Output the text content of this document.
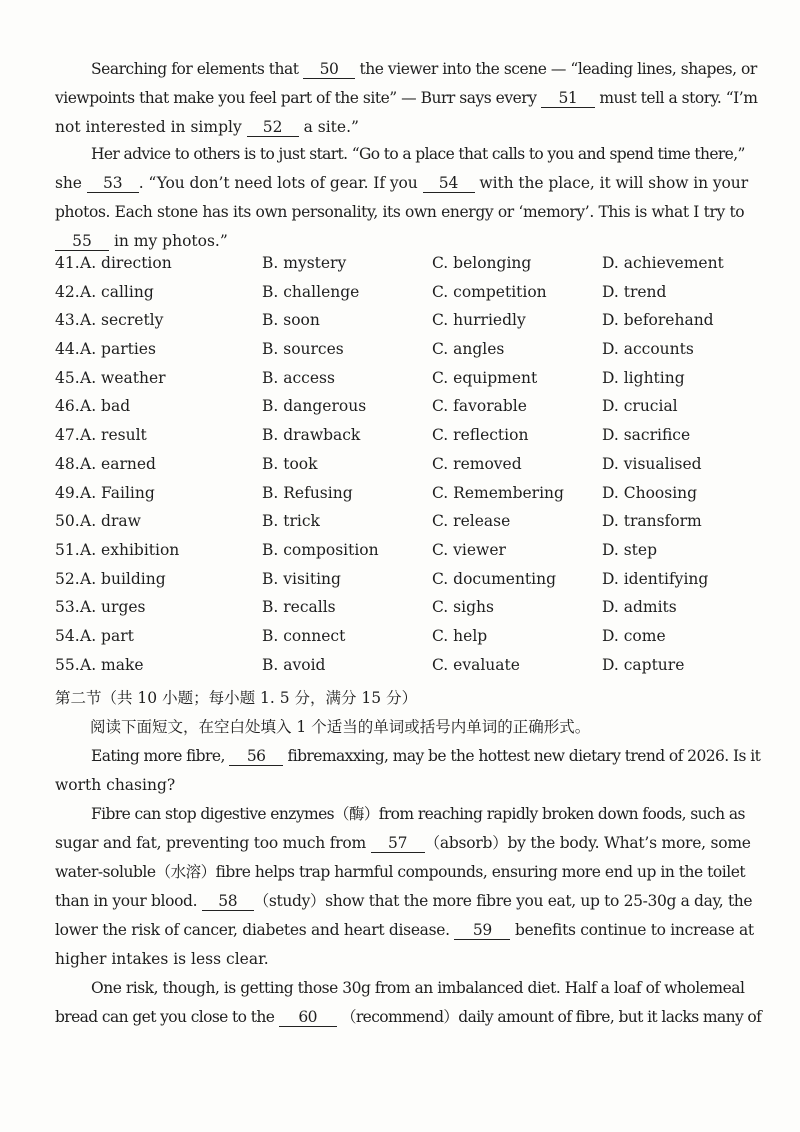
Searching for elements that 50 the viewer into the scene — “leading lines, shapes, or
viewpoints that make you feel part of the site” — Burr says every 51 must tell a story. “I’m
not interested in simply 52 a site.”

Her advice to others is to just start. “Go to a place that calls to you and spend time there,”
she 53 . “You don’t need lots of gear. If you 54 with the place, it will show in your
photos. Each stone has its own personality, its own energy or ‘memory’. This is what I try to
55 in my photos.”

41. A. direction	B. mystery	C. belonging	D. achievement
42. A. calling	B. challenge	C. competition	D. trend
43. A. secretly	B. soon	C. hurriedly	D. beforehand
44. A. parties	B. sources	C. angles	D. accounts
45. A. weather	B. access	C. equipment	D. lighting
46. A. bad	B. dangerous	C. favorable	D. crucial
47. A. result	B. drawback	C. reflection	D. sacrifice
48. A. earned	B. took	C. removed	D. visualised
49. A. Failing	B. Refusing	C. Remembering D. Choosing
50. A. draw	B. trick	C. release	D. transform
51. A. exhibition	B. composition	C. viewer	D. step
52. A. building	B. visiting	C. documenting	D. identifying
53. A. urges	B. recalls	C. sighs	D. admits
54. A. part	B. connect	C. help	D. come
55. A. make	B. avoid	C. evaluate	D. capture

第二节（共 10 小题；每小题 1. 5 分，满分 15 分）

阅读下面短文，在空白处填入 1 个适当的单词或括号内单词的正确形式。

Eating more fibre, 56 fibremaxxing, may be the hottest new dietary trend of 2026. Is it
worth chasing?

Fibre can stop digestive enzymes（酶）from reaching rapidly broken down foods, such as
sugar and fat, preventing too much from 57 （absorb）by the body. What’s more, some
water-soluble（水溶）fibre helps trap harmful compounds, ensuring more end up in the toilet
than in your blood. 58 （study）show that the more fibre you eat, up to 25-30g a day, the
lower the risk of cancer, diabetes and heart disease. 59 benefits continue to increase at
higher intakes is less clear.

One risk, though, is getting those 30g from an imbalanced diet. Half a loaf of wholemeal
bread can get you close to the 60 （recommend）daily amount of fibre, but it lacks many of
